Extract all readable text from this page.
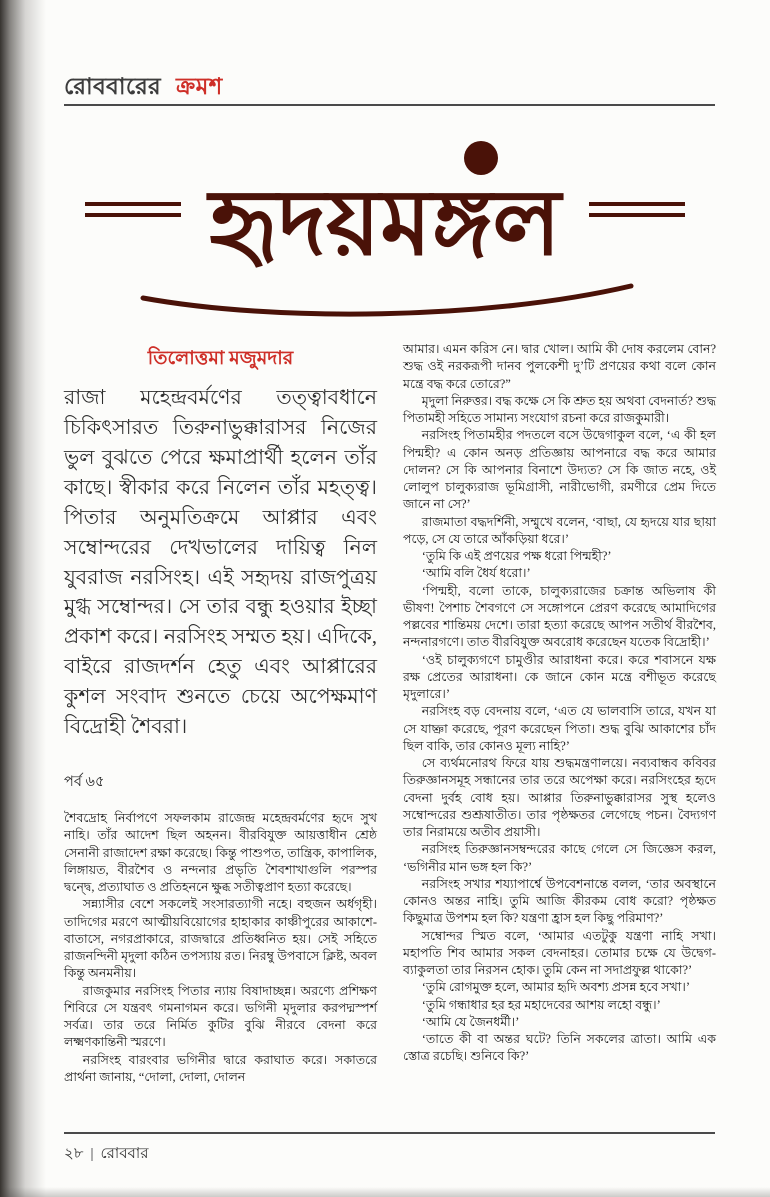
রোববারের ক্রমশ
হৃদয়মঙ্গল
তিলোত্তমা মজুমদার
রাজা মহেন্দ্রবর্মণের তত্ত্বাবধানে চিকিৎসারত তিরুনাভুক্কারাসর নিজের ভুল বুঝতে পেরে ক্ষমাপ্রার্থী হলেন তাঁর কাছে। স্বীকার করে নিলেন তাঁর মহত্ত্ব। পিতার অনুমতিক্রমে আপ্পার এবং সম্বোন্দরের দেখভালের দায়িত্ব নিল যুবরাজ নরসিংহ। এই সহৃদয় রাজপুত্রয় মুগ্ধ সম্বোন্দর। সে তার বন্ধু হওয়ার ইচ্ছা প্রকাশ করে। নরসিংহ সম্মত হয়। এদিকে, বাইরে রাজদর্শন হেতু এবং আপ্পারের কুশল সংবাদ শুনতে চেয়ে অপেক্ষমাণ বিদ্রোহী শৈবরা।
পর্ব ৬৫

শৈবদ্রোহ নির্বাপণে সফলকাম রাজেন্দ্র মহেন্দ্রবর্মণের হৃদে সুখ নাহি। তাঁর আদেশ ছিল অহনন। বীরবিযুক্ত আয়ত্তাধীন শ্রেষ্ঠ সেনানী রাজাদেশ রক্ষা করেছে। কিন্তু পাশুপত, তান্ত্রিক, কাপালিক, লিঙ্গায়ত, বীরশৈব ও নন্দনার প্রভৃতি শৈবশাখাগুলি পরস্পর দ্বন্দ্বে, প্রত্যাঘাত ও প্রতিহননে ক্ষুব্ধ সতীত্বপ্রাণ হত্যা করেছে।

সন্ন্যাসীর বেশে সকলেই সংসারত্যাগী নহে। বহুজন অর্ধগৃহী। তাদিগের মরণে আত্মীয়বিয়োগের হাহাকার কাঞ্চীপুরের আকাশে-বাতাসে, নগরপ্রাকারে, রাজদ্বারে প্রতিধ্বনিত হয়। সেই সহিতে রাজনন্দিনী মৃদুলা কঠিন তপস্যায় রত। নিরম্বু উপবাসে ক্লিষ্ট, অবল কিন্তু অনমনীয়।

রাজকুমার নরসিংহ পিতার ন্যায় বিষাদাচ্ছন্ন। অরণ্যে প্রশিক্ষণ শিবিরে সে যন্ত্রবৎ গমনাগমন করে। ভগিনী মৃদুলার করপদ্মস্পর্শ সর্বত্র। তার তরে নির্মিত কুটির বুঝি নীরবে বেদনা করে লক্ষ্মণকান্তিনী স্মরণে।

নরসিংহ বারংবার ভগিনীর দ্বারে করাঘাত করে। সকাতরে প্রার্থনা জানায়, “দোলা, দোলা, দোলন

আমার। এমন করিস নে। দ্বার খোল। আমি কী দোষ করলেম বোন? শুদ্ধ ওই নরকরূপী দানব পুলকেশী দু’টি প্রণয়ের কথা বলে কোন মন্ত্রে বদ্ধ করে তোরে?”

মৃদুলা নিরুত্তর। বদ্ধ কক্ষে সে কি শ্রুত হয় অথবা বেদনার্ত? শুদ্ধ পিতামহী সহিতে সামান্য সংযোগ রচনা করে রাজকুমারী।

নরসিংহ পিতামহীর পদতলে বসে উদ্বেগাকুল বলে, ‘এ কী হল পিন্মহী? এ কোন অনড় প্রতিজ্ঞায় আপনারে বদ্ধ করে আমার দোলন? সে কি আপনার বিনাশে উদ্যত? সে কি জাত নহে, ওই লোলুপ চালুক্যরাজ ভূমিগ্রাসী, নারীভোগী, রমণীরে প্রেম দিতে জানে না সে?’

রাজমাতা বদ্ধদর্শিনী, সম্মুখে বলেন, ‘বাছা, যে হৃদয়ে যার ছায়া পড়ে, সে যে তারে আঁকড়িয়া ধরে।’

‘তুমি কি এই প্রণয়ের পক্ষ ধরো পিন্মহী?’

‘আমি বলি ধৈর্য ধরো।’

‘পিন্মহী, বলো তাকে, চালুক্যরাজের চক্রান্ত অভিলাষ কী ভীষণ! পৈশাচ শৈবগণে সে সঙ্গোপনে প্রেরণ করেছে আমাদিগের পল্লবের শান্তিময় দেশে। তারা হত্যা করেছে আপন সতীর্থ বীরশৈব, নন্দনারগণে। তাত বীরবিযুক্ত অবরোধ করেছেন যতেক বিদ্রোহী।’

‘ওই চালুক্যগণে চামুণ্ডীর আরাধনা করে। করে শবাসনে যক্ষ রক্ষ প্রেতের আরাধনা। কে জানে কোন মন্ত্রে বশীভূত করেছে মৃদুলারে।’

নরসিংহ বড় বেদনায় বলে, ‘এত যে ভালবাসি তারে, যখন যা সে যাচ্ঞা করেছে, পূরণ করেছেন পিতা। শুদ্ধ বুঝি আকাশের চাঁদ ছিল বাকি, তার কোনও মূল্য নাহি?’

সে ব্যর্থমনোরথ ফিরে যায় শুদ্ধমন্ত্রণালয়ে। নব্যবান্ধব কবিবর তিরুজ্ঞানসমূহ সন্ধানের তার তরে অপেক্ষা করে। নরসিংহের হৃদে বেদনা দুর্বহ বোধ হয়। আপ্পার তিরুনাভুক্কারাসর সুস্থ হলেও সম্বোন্দরের শুশ্রূষাতীত। তার পৃষ্ঠক্ষতর লেগেছে পচন। বৈদ্যগণ তার নিরাময়ে অতীব প্রয়াসী।

নরসিংহ তিরুজ্ঞানসম্বন্দরের কাছে গেলে সে জিজ্ঞেস করল, ‘ভগিনীর মান ভঙ্গ হল কি?’

নরসিংহ সখার শয্যাপার্শ্বে উপবেশনান্তে বলল, ‘তার অবস্থানে কোনও অন্তর নাহি। তুমি আজি কীরকম বোধ করো? পৃষ্ঠক্ষত কিছুমাত্র উপশম হল কি? যন্ত্রণা হ্রাস হল কিছু পরিমাণ?’

সম্বোন্দর স্মিত বলে, ‘আমার এতটুকু যন্ত্রণা নাহি সখা। মহাপতি শিব আমার সকল বেদনাহর। তোমার চক্ষে যে উদ্বেগ-ব্যাকুলতা তার নিরসন হোক। তুমি কেন না সদাপ্রফুল্ল থাকো?’

‘তুমি রোগমুক্ত হলে, আমার হৃদি অবশ্য প্রসন্ন হবে সখা।’

‘তুমি গন্ধাধার হর হর মহাদেবের আশয় লহো বন্ধু।’

‘আমি যে জৈনধর্মী।’

‘তাতে কী বা অন্তর ঘটে? তিনি সকলের ত্রাতা। আমি এক স্তোত্র রচেছি। শুনিবে কি?’

২৮ | রোববার
